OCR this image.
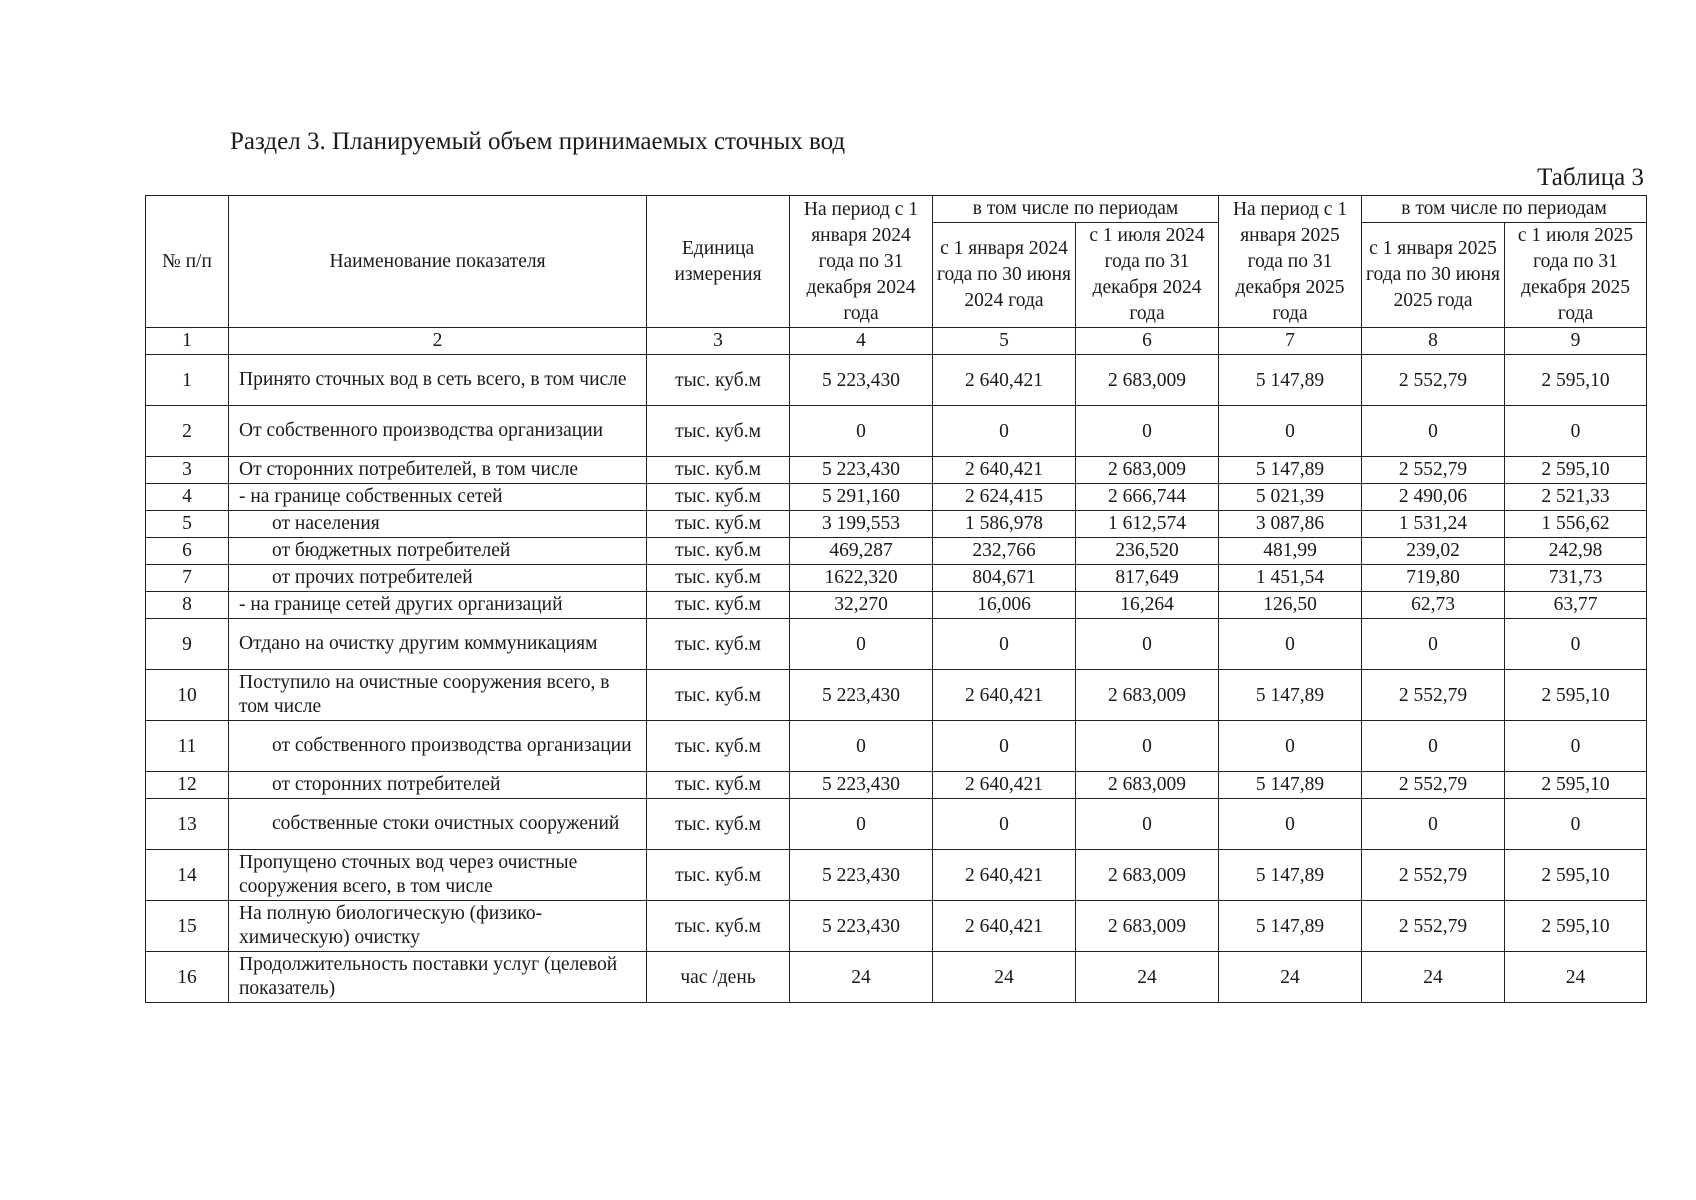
Раздел 3. Планируемый объем принимаемых сточных вод
Таблица 3
№ п/п	Наименование показателя	Единица измерения	На период с 1 января 2024 года по 31 декабря 2024 года	в том числе по периодам		На период с 1 января 2025 года по 31 декабря 2025 года	в том числе по периодам	
				с 1 января 2024 года по 30 июня 2024 года	с 1 июля 2024 года по 31 декабря 2024 года		с 1 января 2025 года по 30 июня 2025 года	с 1 июля 2025 года по 31 декабря 2025 года
1	2	3	4	5	6	7	8	9
1	Принято сточных вод в сеть всего, в том числе	тыс. куб.м	5 223,430	2 640,421	2 683,009	5 147,89	2 552,79	2 595,10
2	От собственного производства организации	тыс. куб.м	0	0	0	0	0	0
3	От сторонних потребителей, в том числе	тыс. куб.м	5 223,430	2 640,421	2 683,009	5 147,89	2 552,79	2 595,10
4	- на границе собственных сетей	тыс. куб.м	5 291,160	2 624,415	2 666,744	5 021,39	2 490,06	2 521,33
5	от населения	тыс. куб.м	3 199,553	1 586,978	1 612,574	3 087,86	1 531,24	1 556,62
6	от бюджетных потребителей	тыс. куб.м	469,287	232,766	236,520	481,99	239,02	242,98
7	от прочих потребителей	тыс. куб.м	1622,320	804,671	817,649	1 451,54	719,80	731,73
8	- на границе сетей других организаций	тыс. куб.м	32,270	16,006	16,264	126,50	62,73	63,77
9	Отдано на очистку другим коммуникациям	тыс. куб.м	0	0	0	0	0	0
10	Поступило на очистные сооружения всего, в том числе	тыс. куб.м	5 223,430	2 640,421	2 683,009	5 147,89	2 552,79	2 595,10
11	от собственного производства организации	тыс. куб.м	0	0	0	0	0	0
12	от сторонних потребителей	тыс. куб.м	5 223,430	2 640,421	2 683,009	5 147,89	2 552,79	2 595,10
13	собственные стоки очистных сооружений	тыс. куб.м	0	0	0	0	0	0
14	Пропущено сточных вод через очистные сооружения всего, в том числе	тыс. куб.м	5 223,430	2 640,421	2 683,009	5 147,89	2 552,79	2 595,10
15	На полную биологическую (физико-химическую) очистку	тыс. куб.м	5 223,430	2 640,421	2 683,009	5 147,89	2 552,79	2 595,10
16	Продолжительность поставки услуг (целевой показатель)	час /день	24	24	24	24	24	24
